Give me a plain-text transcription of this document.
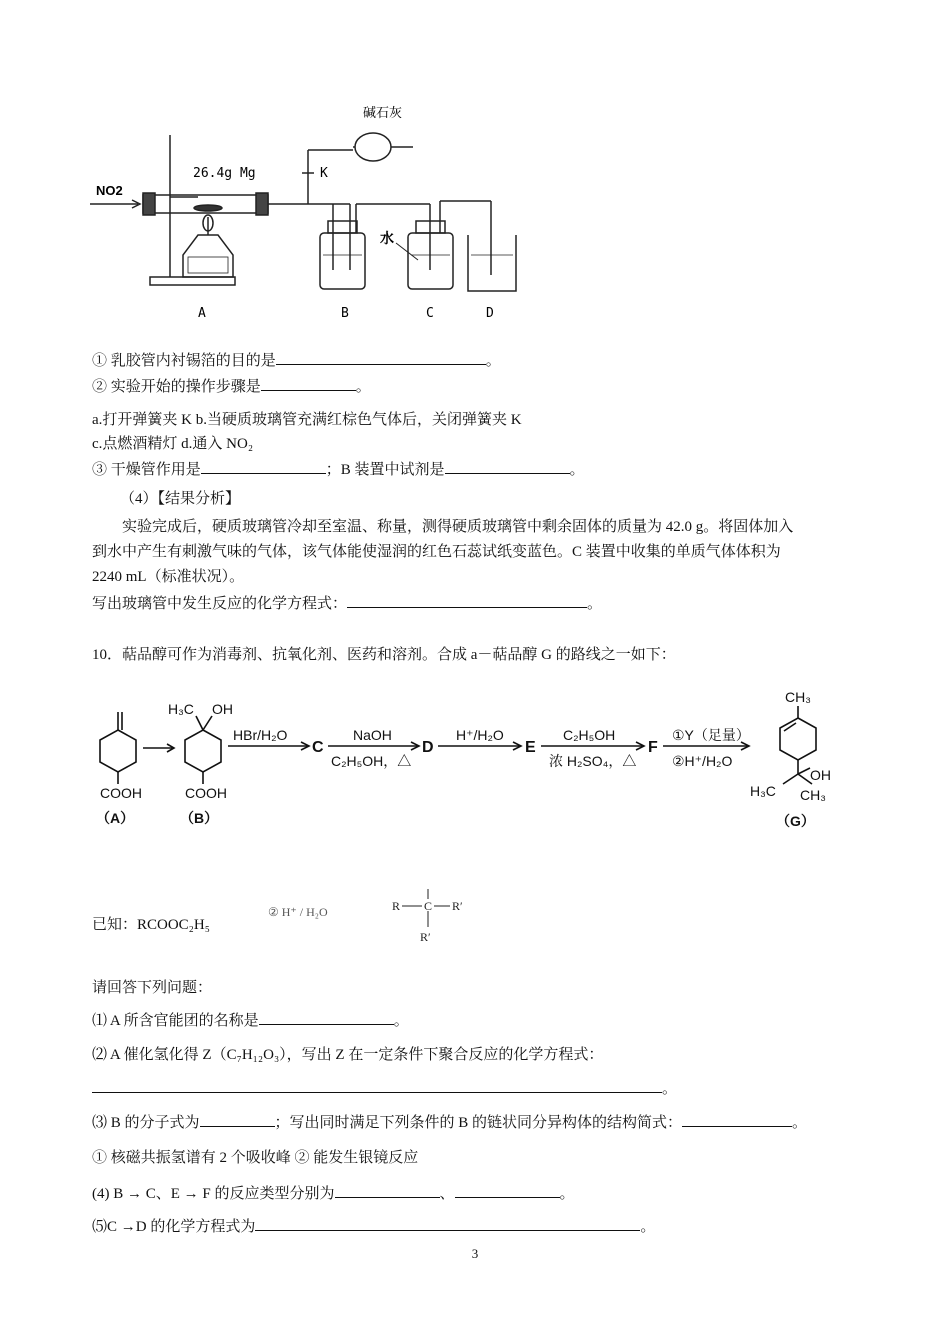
NO2
26.4g Mg
碱石灰
K
水
A	B	C	D
① 乳胶管内衬锡箔的目的是	。
② 实验开始的操作步骤是	。
a.打开弹簧夹 K b.当硬质玻璃管充满红棕色气体后，关闭弹簧夹 K
c.点燃酒精灯 d.通入 NO₂
③ 干燥管作用是	；B 装置中试剂是	。
（4）【结果分析】
实验完成后，硬质玻璃管冷却至室温、称量，测得硬质玻璃管中剩余固体的质量为 42.0 g。将固体加入
到水中产生有刺激气味的气体，该气体能使湿润的红色石蕊试纸变蓝色。C 装置中收集的单质气体体积为
2240 mL（标准状况）。
写出玻璃管中发生反应的化学方程式：	。
10．萜品醇可作为消毒剂、抗氧化剂、医药和溶剂。合成 a－萜品醇 G 的路线之一如下：
COOH
（A）
H₃C OH
COOH
（B）
HBr/H₂O
C
NaOH
C₂H₅OH，△
D
H⁺/H₂O
E
C₂H₅OH
浓 H₂SO₄，△
F
①Y（足量）
②H⁺/H₂O
CH₃
H₃C
OH
CH₃
（G）
已知：RCOOC₂H₅
② H⁺ / H₂O	R C R′
R′
请回答下列问题：
⑴ A 所含官能团的名称是	。
⑵ A 催化氢化得 Z（C₇H₁₂O₃），写出 Z 在一定条件下聚合反应的化学方程式：
。
⑶ B 的分子式为	；写出同时满足下列条件的 B 的链状同分异构体的结构简式：	。
① 核磁共振氢谱有 2 个吸收峰 ② 能发生银镜反应
(4) B → C、E → F 的反应类型分别为	、	。
⑸C →D 的化学方程式为	。
3
